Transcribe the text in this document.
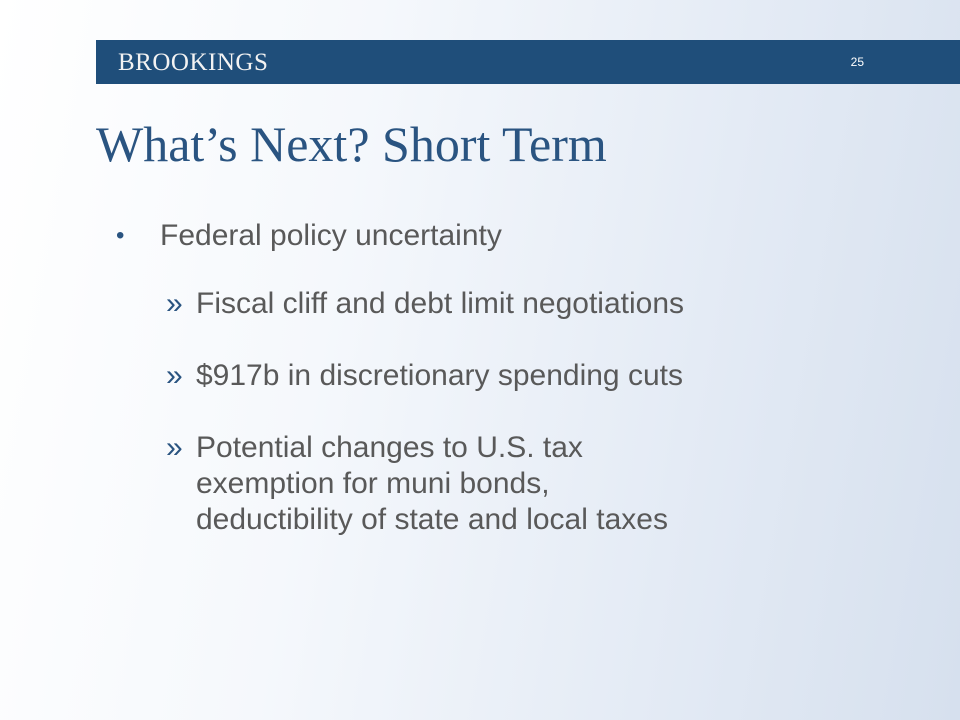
BROOKINGS	25
What’s Next? Short Term
• Federal policy uncertainty
» Fiscal cliff and debt limit negotiations
» $917b in discretionary spending cuts
» Potential changes to U.S. tax
exemption for muni bonds,
deductibility of state and local taxes
